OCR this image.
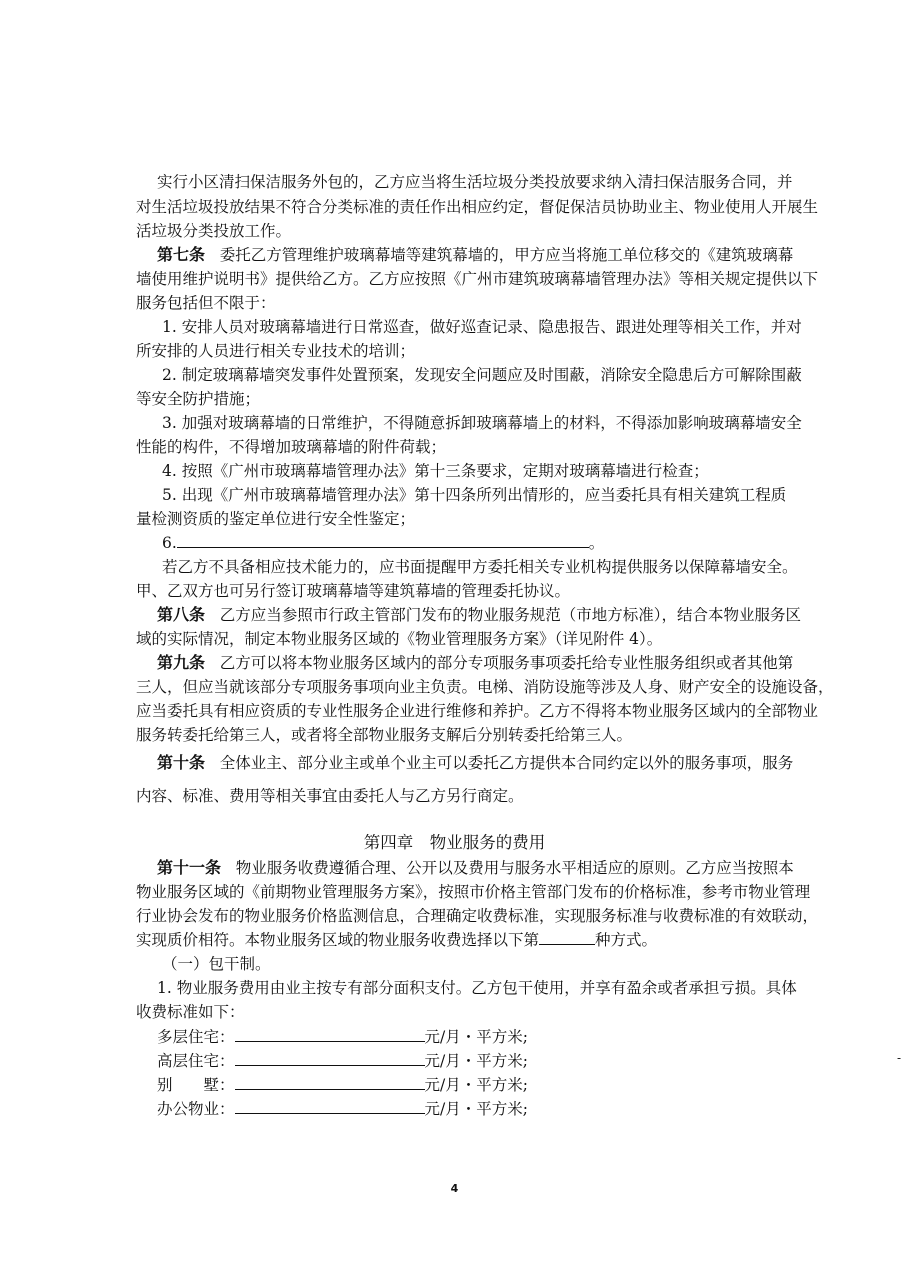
实行小区清扫保洁服务外包的，乙方应当将生活垃圾分类投放要求纳入清扫保洁服务合同，并
对生活垃圾投放结果不符合分类标准的责任作出相应约定，督促保洁员协助业主、物业使用人开展生
活垃圾分类投放工作。
第七条 委托乙方管理维护玻璃幕墙等建筑幕墙的，甲方应当将施工单位移交的《建筑玻璃幕
墙使用维护说明书》提供给乙方。乙方应按照《广州市建筑玻璃幕墙管理办法》等相关规定提供以下
服务包括但不限于：
1. 安排人员对玻璃幕墙进行日常巡查，做好巡查记录、隐患报告、跟进处理等相关工作，并对
所安排的人员进行相关专业技术的培训；
2. 制定玻璃幕墙突发事件处置预案，发现安全问题应及时围蔽，消除安全隐患后方可解除围蔽
等安全防护措施；
3. 加强对玻璃幕墙的日常维护，不得随意拆卸玻璃幕墙上的材料，不得添加影响玻璃幕墙安全
性能的构件，不得增加玻璃幕墙的附件荷载；
4. 按照《广州市玻璃幕墙管理办法》第十三条要求，定期对玻璃幕墙进行检查；
5. 出现《广州市玻璃幕墙管理办法》第十四条所列出情形的，应当委托具有相关建筑工程质
量检测资质的鉴定单位进行安全性鉴定；
6.	。
若乙方不具备相应技术能力的，应书面提醒甲方委托相关专业机构提供服务以保障幕墙安全。
甲、乙双方也可另行签订玻璃幕墙等建筑幕墙的管理委托协议。
第八条 乙方应当参照市行政主管部门发布的物业服务规范（市地方标准），结合本物业服务区
域的实际情况，制定本物业服务区域的《物业管理服务方案》（详见附件 4）。
第九条 乙方可以将本物业服务区域内的部分专项服务事项委托给专业性服务组织或者其他第
三人，但应当就该部分专项服务事项向业主负责。电梯、消防设施等涉及人身、财产安全的设施设备，
应当委托具有相应资质的专业性服务企业进行维修和养护。乙方不得将本物业服务区域内的全部物业
服务转委托给第三人，或者将全部物业服务支解后分别转委托给第三人。
第十条 全体业主、部分业主或单个业主可以委托乙方提供本合同约定以外的服务事项，服务
内容、标准、费用等相关事宜由委托人与乙方另行商定。
第四章　物业服务的费用
第十一条 物业服务收费遵循合理、公开以及费用与服务水平相适应的原则。乙方应当按照本
物业服务区域的《前期物业管理服务方案》，按照市价格主管部门发布的价格标准，参考市物业管理
行业协会发布的物业服务价格监测信息，合理确定收费标准，实现服务标准与收费标准的有效联动，
实现质价相符。本物业服务区域的物业服务收费选择以下第	种方式。
（一）包干制。
1. 物业服务费用由业主按专有部分面积支付。乙方包干使用，并享有盈余或者承担亏损。具体
收费标准如下：
多层住宅：	元/月・平方米;
高层住宅：	元/月・平方米;
别　　墅：	元/月・平方米;
办公物业：	元/月・平方米;
-
4
